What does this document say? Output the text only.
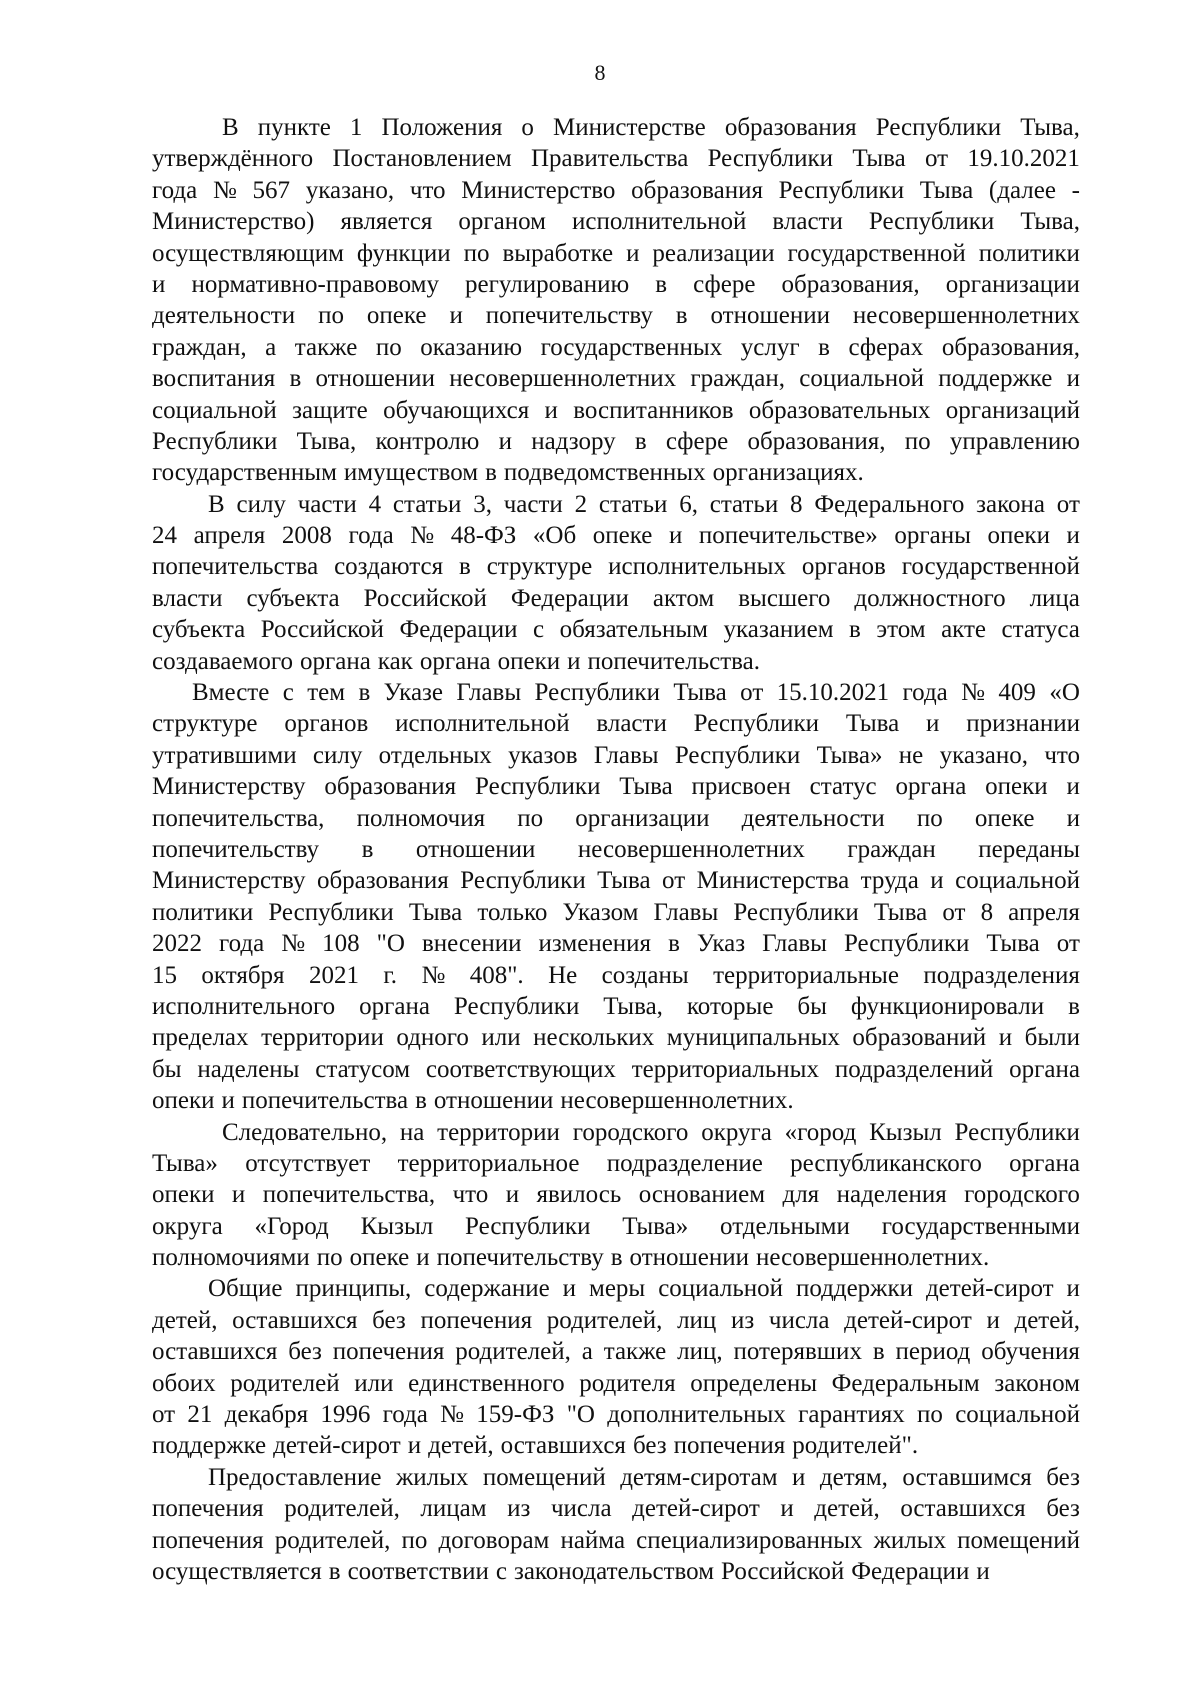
8
В пункте 1 Положения о Министерстве образования Республики Тыва,
утверждённого Постановлением Правительства Республики Тыва от 19.10.2021
года № 567 указано, что Министерство образования Республики Тыва (далее -
Министерство) является органом исполнительной власти Республики Тыва,
осуществляющим функции по выработке и реализации государственной политики
и нормативно-правовому регулированию в сфере образования, организации
деятельности по опеке и попечительству в отношении несовершеннолетних
граждан, а также по оказанию государственных услуг в сферах образования,
воспитания в отношении несовершеннолетних граждан, социальной поддержке и
социальной защите обучающихся и воспитанников образовательных организаций
Республики Тыва, контролю и надзору в сфере образования, по управлению
государственным имуществом в подведомственных организациях.
В силу части 4 статьи 3, части 2 статьи 6, статьи 8 Федерального закона от
24 апреля 2008 года № 48-ФЗ «Об опеке и попечительстве» органы опеки и
попечительства создаются в структуре исполнительных органов государственной
власти субъекта Российской Федерации актом высшего должностного лица
субъекта Российской Федерации с обязательным указанием в этом акте статуса
создаваемого органа как органа опеки и попечительства.
Вместе с тем в Указе Главы Республики Тыва от 15.10.2021 года № 409 «О
структуре органов исполнительной власти Республики Тыва и признании
утратившими силу отдельных указов Главы Республики Тыва» не указано, что
Министерству образования Республики Тыва присвоен статус органа опеки и
попечительства, полномочия по организации деятельности по опеке и
попечительству в отношении несовершеннолетних граждан переданы
Министерству образования Республики Тыва от Министерства труда и социальной
политики Республики Тыва только Указом Главы Республики Тыва от 8 апреля
2022 года № 108 "О внесении изменения в Указ Главы Республики Тыва от
15 октября 2021 г. № 408". Не созданы территориальные подразделения
исполнительного органа Республики Тыва, которые бы функционировали в
пределах территории одного или нескольких муниципальных образований и были
бы наделены статусом соответствующих территориальных подразделений органа
опеки и попечительства в отношении несовершеннолетних.
Следовательно, на территории городского округа «город Кызыл Республики
Тыва» отсутствует территориальное подразделение республиканского органа
опеки и попечительства, что и явилось основанием для наделения городского
округа «Город Кызыл Республики Тыва» отдельными государственными
полномочиями по опеке и попечительству в отношении несовершеннолетних.
Общие принципы, содержание и меры социальной поддержки детей-сирот и
детей, оставшихся без попечения родителей, лиц из числа детей-сирот и детей,
оставшихся без попечения родителей, а также лиц, потерявших в период обучения
обоих родителей или единственного родителя определены Федеральным законом
от 21 декабря 1996 года № 159-ФЗ "О дополнительных гарантиях по социальной
поддержке детей-сирот и детей, оставшихся без попечения родителей".
Предоставление жилых помещений детям-сиротам и детям, оставшимся без
попечения родителей, лицам из числа детей-сирот и детей, оставшихся без
попечения родителей, по договорам найма специализированных жилых помещений
осуществляется в соответствии с законодательством Российской Федерации и
